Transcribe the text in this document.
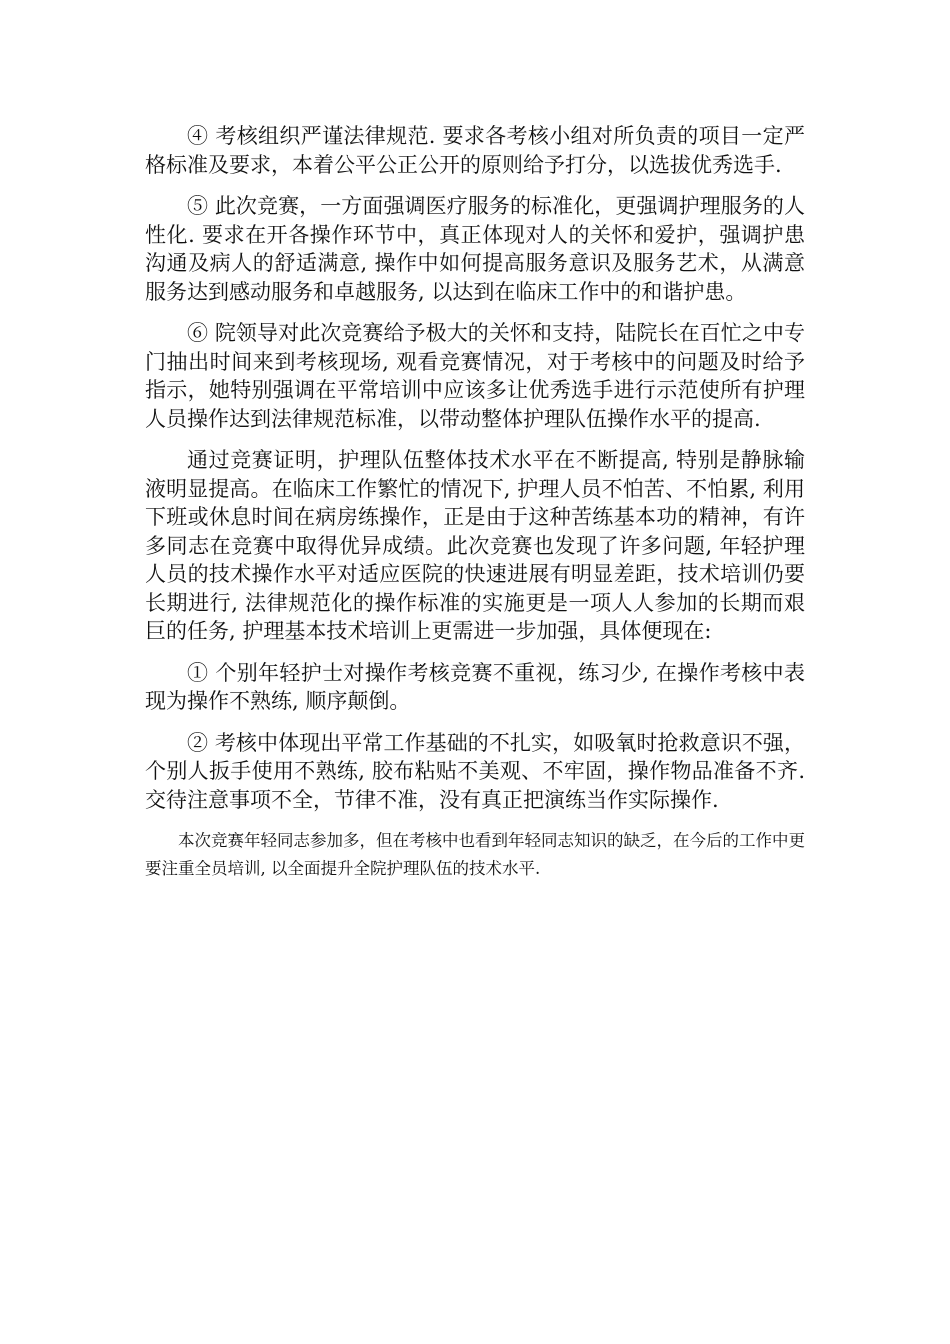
④ 考核组织严谨法律规范. 要求各考核小组对所负责的项目一定严格标准及要求，本着公平公正公开的原则给予打分，以选拔优秀选手.

⑤ 此次竞赛，一方面强调医疗服务的标准化，更强调护理服务的人性化. 要求在开各操作环节中，真正体现对人的关怀和爱护，强调护患沟通及病人的舒适满意, 操作中如何提高服务意识及服务艺术，从满意服务达到感动服务和卓越服务, 以达到在临床工作中的和谐护患。

⑥ 院领导对此次竞赛给予极大的关怀和支持，陆院长在百忙之中专门抽出时间来到考核现场, 观看竞赛情况，对于考核中的问题及时给予指示，她特别强调在平常培训中应该多让优秀选手进行示范使所有护理人员操作达到法律规范标准，以带动整体护理队伍操作水平的提高.

通过竞赛证明，护理队伍整体技术水平在不断提高, 特别是静脉输液明显提高。在临床工作繁忙的情况下, 护理人员不怕苦、不怕累, 利用下班或休息时间在病房练操作，正是由于这种苦练基本功的精神，有许多同志在竞赛中取得优异成绩。此次竞赛也发现了许多问题, 年轻护理人员的技术操作水平对适应医院的快速进展有明显差距，技术培训仍要长期进行, 法律规范化的操作标准的实施更是一项人人参加的长期而艰巨的任务, 护理基本技术培训上更需进一步加强，具体便现在:

① 个别年轻护士对操作考核竞赛不重视，练习少, 在操作考核中表现为操作不熟练, 顺序颠倒。

② 考核中体现出平常工作基础的不扎实，如吸氧时抢救意识不强，个别人扳手使用不熟练, 胶布粘贴不美观、不牢固，操作物品准备不齐. 交待注意事项不全，节律不准，没有真正把演练当作实际操作.

本次竞赛年轻同志参加多，但在考核中也看到年轻同志知识的缺乏，在今后的工作中更要注重全员培训, 以全面提升全院护理队伍的技术水平.
